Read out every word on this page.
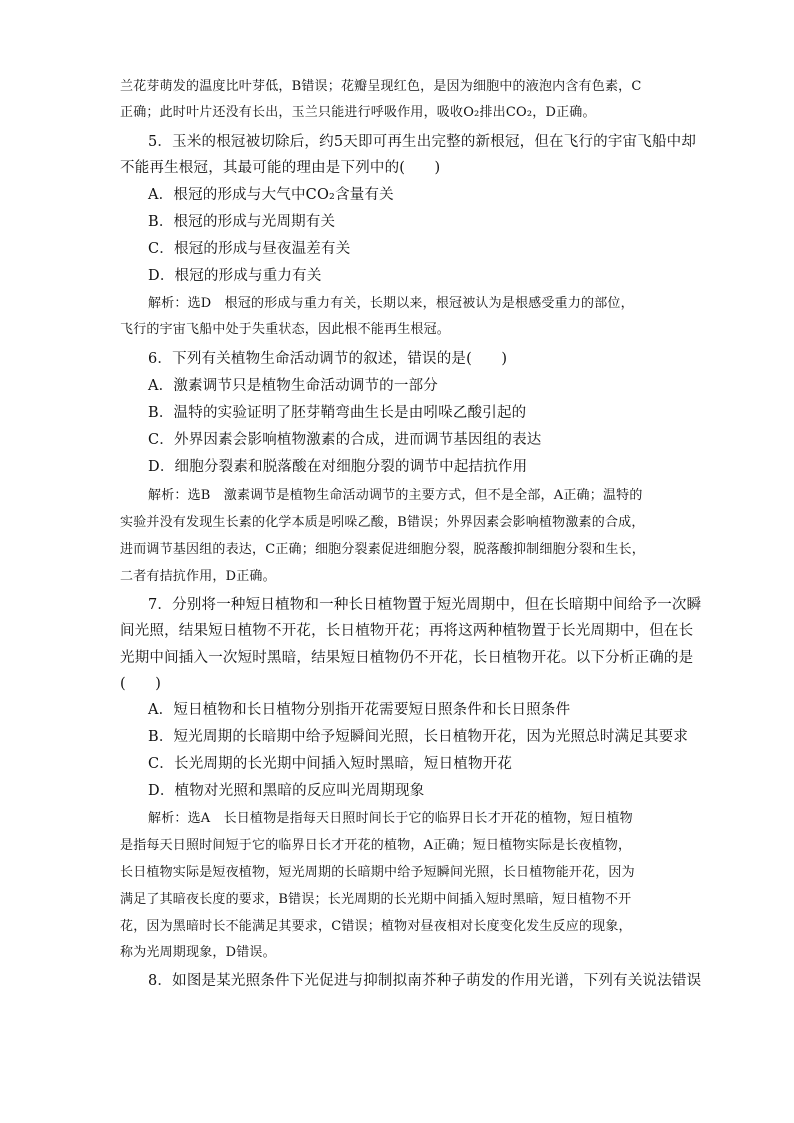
兰花芽萌发的温度比叶芽低，B错误；花瓣呈现红色，是因为细胞中的液泡内含有色素，C
正确；此时叶片还没有长出，玉兰只能进行呼吸作用，吸收O₂排出CO₂，D正确。
5．玉米的根冠被切除后，约5天即可再生出完整的新根冠，但在飞行的宇宙飞船中却
不能再生根冠，其最可能的理由是下列中的(　　)
A．根冠的形成与大气中CO₂含量有关
B．根冠的形成与光周期有关
C．根冠的形成与昼夜温差有关
D．根冠的形成与重力有关
解析：选D　根冠的形成与重力有关，长期以来，根冠被认为是根感受重力的部位，
飞行的宇宙飞船中处于失重状态，因此根不能再生根冠。
6．下列有关植物生命活动调节的叙述，错误的是(　　)
A．激素调节只是植物生命活动调节的一部分
B．温特的实验证明了胚芽鞘弯曲生长是由吲哚乙酸引起的
C．外界因素会影响植物激素的合成，进而调节基因组的表达
D．细胞分裂素和脱落酸在对细胞分裂的调节中起拮抗作用
解析：选B　激素调节是植物生命活动调节的主要方式，但不是全部，A正确；温特的
实验并没有发现生长素的化学本质是吲哚乙酸，B错误；外界因素会影响植物激素的合成，
进而调节基因组的表达，C正确；细胞分裂素促进细胞分裂，脱落酸抑制细胞分裂和生长，
二者有拮抗作用，D正确。
7．分别将一种短日植物和一种长日植物置于短光周期中，但在长暗期中间给予一次瞬
间光照，结果短日植物不开花，长日植物开花；再将这两种植物置于长光周期中，但在长
光期中间插入一次短时黑暗，结果短日植物仍不开花，长日植物开花。以下分析正确的是
(　　)
A．短日植物和长日植物分别指开花需要短日照条件和长日照条件
B．短光周期的长暗期中给予短瞬间光照，长日植物开花，因为光照总时满足其要求
C．长光周期的长光期中间插入短时黑暗，短日植物开花
D．植物对光照和黑暗的反应叫光周期现象
解析：选A　长日植物是指每天日照时间长于它的临界日长才开花的植物，短日植物
是指每天日照时间短于它的临界日长才开花的植物，A正确；短日植物实际是长夜植物，
长日植物实际是短夜植物，短光周期的长暗期中给予短瞬间光照，长日植物能开花，因为
满足了其暗夜长度的要求，B错误；长光周期的长光期中间插入短时黑暗，短日植物不开
花，因为黑暗时长不能满足其要求，C错误；植物对昼夜相对长度变化发生反应的现象，
称为光周期现象，D错误。
8．如图是某光照条件下光促进与抑制拟南芥种子萌发的作用光谱，下列有关说法错误
